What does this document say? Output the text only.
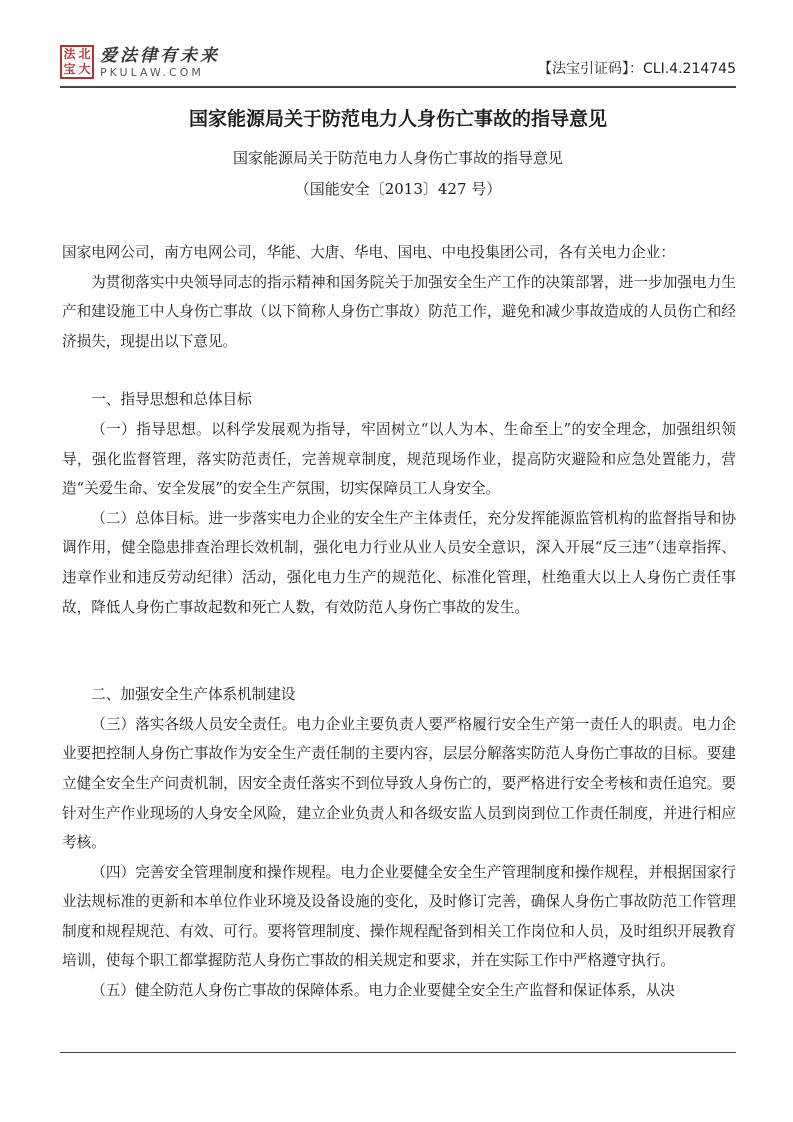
法 北
宝 大
爱法律有未来
PKULAW.COM	【法宝引证码】：CLI.4.214745
国家能源局关于防范电力人身伤亡事故的指导意见
国家能源局关于防范电力人身伤亡事故的指导意见
（国能安全〔2013〕427 号）

国家电网公司，南方电网公司，华能、大唐、华电、国电、中电投集团公司，各有关电力企业：

为贯彻落实中央领导同志的指示精神和国务院关于加强安全生产工作的决策部署，进一步加强电力生产和建设施工中人身伤亡事故（以下简称人身伤亡事故）防范工作，避免和减少事故造成的人员伤亡和经济损失，现提出以下意见。

一、指导思想和总体目标

（一）指导思想。以科学发展观为指导，牢固树立“以人为本、生命至上”的安全理念，加强组织领导，强化监督管理，落实防范责任，完善规章制度，规范现场作业，提高防灾避险和应急处置能力，营造“关爱生命、安全发展”的安全生产氛围，切实保障员工人身安全。

（二）总体目标。进一步落实电力企业的安全生产主体责任，充分发挥能源监管机构的监督指导和协调作用，健全隐患排查治理长效机制，强化电力行业从业人员安全意识，深入开展“反三违”（违章指挥、违章作业和违反劳动纪律）活动，强化电力生产的规范化、标准化管理，杜绝重大以上人身伤亡责任事故，降低人身伤亡事故起数和死亡人数，有效防范人身伤亡事故的发生。

二、加强安全生产体系机制建设

（三）落实各级人员安全责任。电力企业主要负责人要严格履行安全生产第一责任人的职责。电力企业要把控制人身伤亡事故作为安全生产责任制的主要内容，层层分解落实防范人身伤亡事故的目标。要建立健全安全生产问责机制，因安全责任落实不到位导致人身伤亡的，要严格进行安全考核和责任追究。要针对生产作业现场的人身安全风险，建立企业负责人和各级安监人员到岗到位工作责任制度，并进行相应考核。

（四）完善安全管理制度和操作规程。电力企业要健全安全生产管理制度和操作规程，并根据国家行业法规标准的更新和本单位作业环境及设备设施的变化，及时修订完善，确保人身伤亡事故防范工作管理制度和规程规范、有效、可行。要将管理制度、操作规程配备到相关工作岗位和人员，及时组织开展教育培训，使每个职工都掌握防范人身伤亡事故的相关规定和要求，并在实际工作中严格遵守执行。

（五）健全防范人身伤亡事故的保障体系。电力企业要健全安全生产监督和保证体系，从决
